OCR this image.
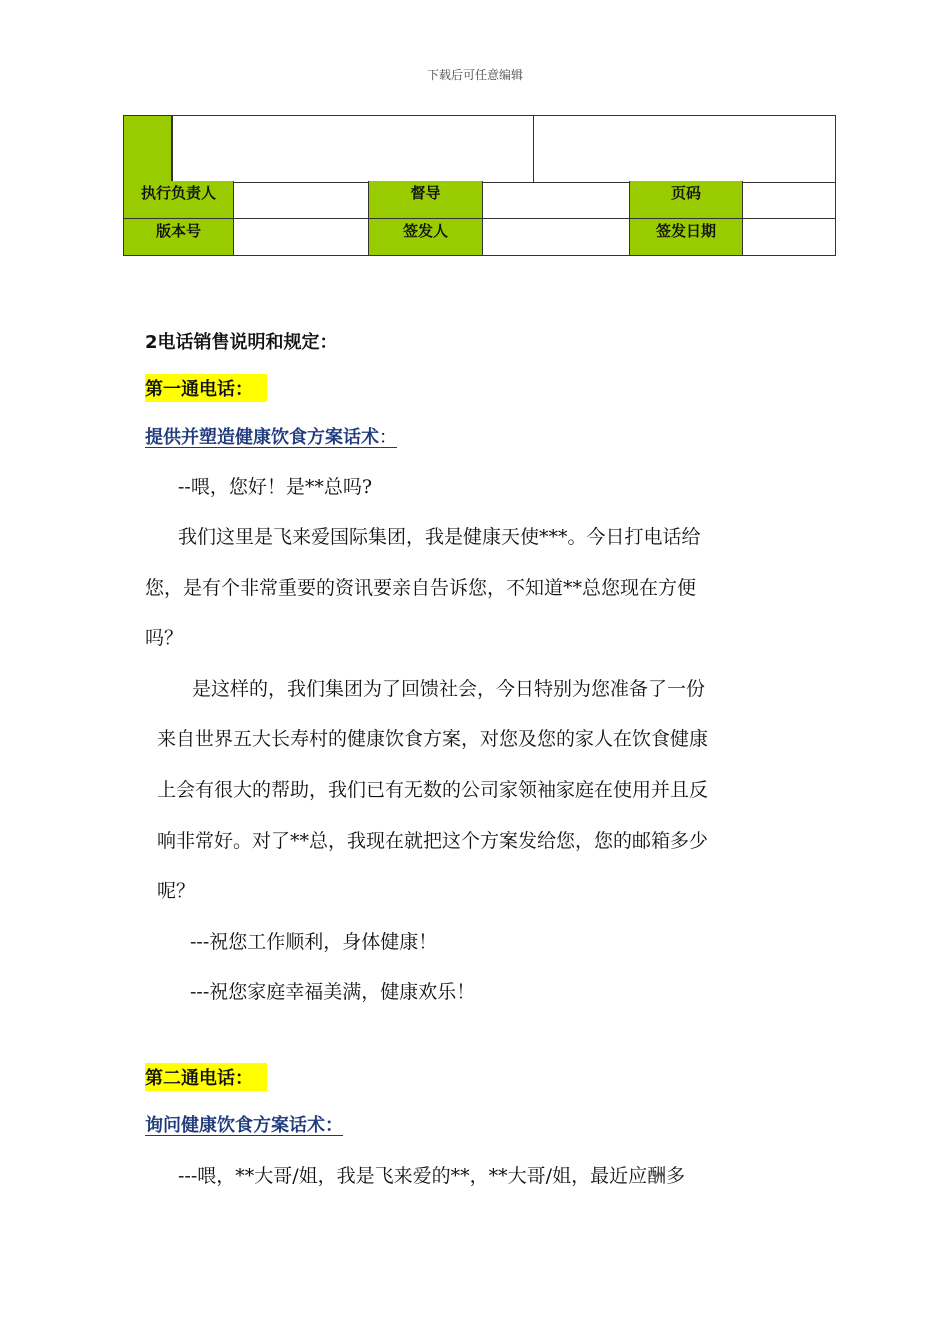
下载后可任意编辑
执行负责人	督导	页码
版本号	签发人	签发日期
2电话销售说明和规定：
第一通电话：
提供并塑造健康饮食方案话术：
--喂，您好！是**总吗?
我们这里是飞来爱国际集团，我是健康天使***。今日打电话给
您，是有个非常重要的资讯要亲自告诉您，不知道**总您现在方便
吗？
是这样的，我们集团为了回馈社会，今日特别为您准备了一份
来自世界五大长寿村的健康饮食方案，对您及您的家人在饮食健康
上会有很大的帮助，我们已有无数的公司家领袖家庭在使用并且反
响非常好。对了**总，我现在就把这个方案发给您，您的邮箱多少
呢？
---祝您工作顺利，身体健康！
---祝您家庭幸福美满，健康欢乐！
第二通电话：
询问健康饮食方案话术：
---喂，**大哥/姐，我是飞来爱的**，**大哥/姐，最近应酬多
